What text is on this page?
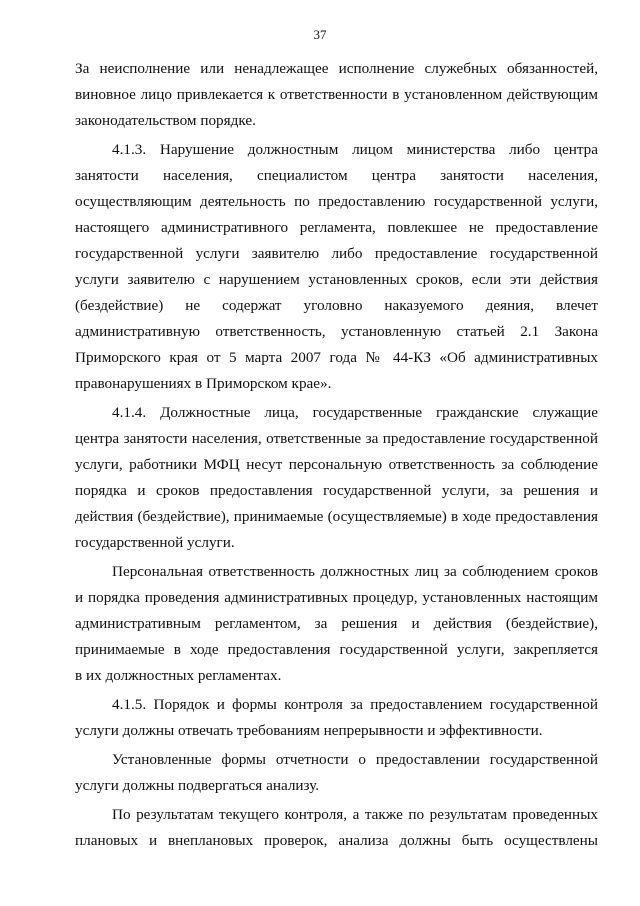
37
За неисполнение или ненадлежащее исполнение служебных обязанностей,
виновное лицо привлекается к ответственности в установленном действующим
законодательством порядке.
4.1.3. Нарушение должностным лицом министерства либо центра
занятости населения, специалистом центра занятости населения,
осуществляющим деятельность по предоставлению государственной услуги,
настоящего административного регламента, повлекшее не предоставление
государственной услуги заявителю либо предоставление государственной
услуги заявителю с нарушением установленных сроков, если эти действия
(бездействие) не содержат уголовно наказуемого деяния, влечет
административную ответственность, установленную статьей 2.1 Закона
Приморского края от 5 марта 2007 года № 44-КЗ «Об административных
правонарушениях в Приморском крае».
4.1.4. Должностные лица, государственные гражданские служащие
центра занятости населения, ответственные за предоставление государственной
услуги, работники МФЦ несут персональную ответственность за соблюдение
порядка и сроков предоставления государственной услуги, за решения и
действия (бездействие), принимаемые (осуществляемые) в ходе предоставления
государственной услуги.
Персональная ответственность должностных лиц за соблюдением сроков
и порядка проведения административных процедур, установленных настоящим
административным регламентом, за решения и действия (бездействие),
принимаемые в ходе предоставления государственной услуги, закрепляется
в их должностных регламентах.
4.1.5. Порядок и формы контроля за предоставлением государственной
услуги должны отвечать требованиям непрерывности и эффективности.
Установленные формы отчетности о предоставлении государственной
услуги должны подвергаться анализу.
По результатам текущего контроля, а также по результатам проведенных
плановых и внеплановых проверок, анализа должны быть осуществлены
